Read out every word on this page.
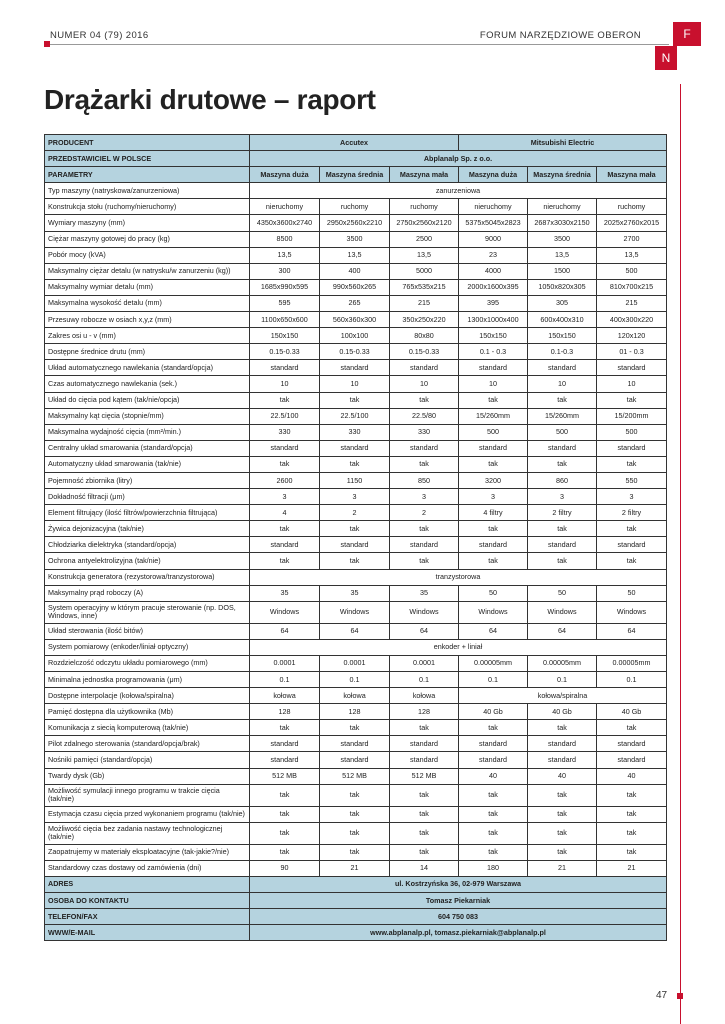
NUMER 04 (79) 2016	FORUM NARZĘDZIOWE OBERON	F
N
Drążarki drutowe – raport
PRODUCENT	Accutex			Mitsubishi Electric		
PRZEDSTAWICIEL W POLSCE	Abplanalp Sp. z o.o.					
PARAMETRY	Maszyna duża	Maszyna średnia	Maszyna mała	Maszyna duża	Maszyna średnia	Maszyna mała
Typ maszyny (natryskowa/zanurzeniowa)	zanurzeniowa					
Konstrukcja stołu (ruchomy/nieruchomy)	nieruchomy	ruchomy	ruchomy	nieruchomy	nieruchomy	ruchomy
Wymiary maszyny (mm)	4350x3600x2740	2950x2560x2210	2750x2560x2120	5375x5045x2823	2687x3030x2150	2025x2760x2015
Ciężar maszyny gotowej do pracy (kg)	8500	3500	2500	9000	3500	2700
Pobór mocy (kVA)	13,5	13,5	13,5	23	13,5	13,5
Maksymalny ciężar detalu (w natrysku/w zanurzeniu (kg))	300	400	5000	4000	1500	500
Maksymalny wymiar detalu (mm)	1685x990x595	990x560x265	765x535x215	2000x1600x395	1050x820x305	810x700x215
Maksymalna wysokość detalu (mm)	595	265	215	395	305	215
Przesuwy robocze w osiach x,y,z (mm)	1100x650x600	560x360x300	350x250x220	1300x1000x400	600x400x310	400x300x220
Zakres osi u - v (mm)	150x150	100x100	80x80	150x150	150x150	120x120
Dostępne średnice drutu (mm)	0.15-0.33	0.15-0.33	0.15-0.33	0.1 - 0.3	0.1-0.3	01 - 0.3
Układ automatycznego nawlekania (standard/opcja)	standard	standard	standard	standard	standard	standard
Czas automatycznego nawlekania (sek.)	10	10	10	10	10	10
Układ do cięcia pod kątem (tak/nie/opcja)	tak	tak	tak	tak	tak	tak
Maksymalny kąt cięcia (stopnie/mm)	22.5/100	22.5/100	22.5/80	15/260mm	15/260mm	15/200mm
Maksymalna wydajność cięcia (mm²/min.)	330	330	330	500	500	500
Centralny układ smarowania (standard/opcja)	standard	standard	standard	standard	standard	standard
Automatyczny układ smarowania (tak/nie)	tak	tak	tak	tak	tak	tak
Pojemność zbiornika (litry)	2600	1150	850	3200	860	550
Dokładność filtracji (μm)	3	3	3	3	3	3
Element filtrujący (ilość filtrów/powierzchnia filtrująca)	4	2	2	4 filtry	2 filtry	2 filtry
Żywica dejonizacyjna (tak/nie)	tak	tak	tak	tak	tak	tak
Chłodziarka dielektryka (standard/opcja)	standard	standard	standard	standard	standard	standard
Ochrona antyelektrolizyjna (tak/nie)	tak	tak	tak	tak	tak	tak
Konstrukcja generatora (rezystorowa/tranzystorowa)	tranzystorowa					
Maksymalny prąd roboczy (A)	35	35	35	50	50	50
System operacyjny w którym pracuje sterowanie (np. DOS, Windows, inne)	Windows	Windows	Windows	Windows	Windows	Windows
Układ sterowania (ilość bitów)	64	64	64	64	64	64
System pomiarowy (enkoder/liniał optyczny)	enkoder + liniał					
Rozdzielczość odczytu układu pomiarowego (mm)	0.0001	0.0001	0.0001	0.00005mm	0.00005mm	0.00005mm
Minimalna jednostka programowania (μm)	0.1	0.1	0.1	0.1	0.1	0.1
Dostępne interpolacje (kołowa/spiralna)	kołowa	kołowa	kołowa	kołowa/spiralna		
Pamięć dostępna dla użytkownika (Mb)	128	128	128	40 Gb	40 Gb	40 Gb
Komunikacja z siecią komputerową (tak/nie)	tak	tak	tak	tak	tak	tak
Pilot zdalnego sterowania (standard/opcja/brak)	standard	standard	standard	standard	standard	standard
Nośniki pamięci (standard/opcja)	standard	standard	standard	standard	standard	standard
Twardy dysk (Gb)	512 MB	512 MB	512 MB	40	40	40
Możliwość symulacji innego programu w trakcie cięcia (tak/nie)	tak	tak	tak	tak	tak	tak
Estymacja czasu cięcia przed wykonaniem programu (tak/nie)	tak	tak	tak	tak	tak	tak
Możliwość cięcia bez zadania nastawy technologicznej (tak/nie)	tak	tak	tak	tak	tak	tak
Zaopatrujemy w materiały eksploatacyjne (tak-jakie?/nie)	tak	tak	tak	tak	tak	tak
Standardowy czas dostawy od zamówienia (dni)	90	21	14	180	21	21
ADRES	ul. Kostrzyńska 36, 02-979 Warszawa					
OSOBA DO KONTAKTU	Tomasz Piekarniak					
TELEFON/FAX	604 750 083					
WWW/E-MAIL	www.abplanalp.pl, tomasz.piekarniak@abplanalp.pl					
47
